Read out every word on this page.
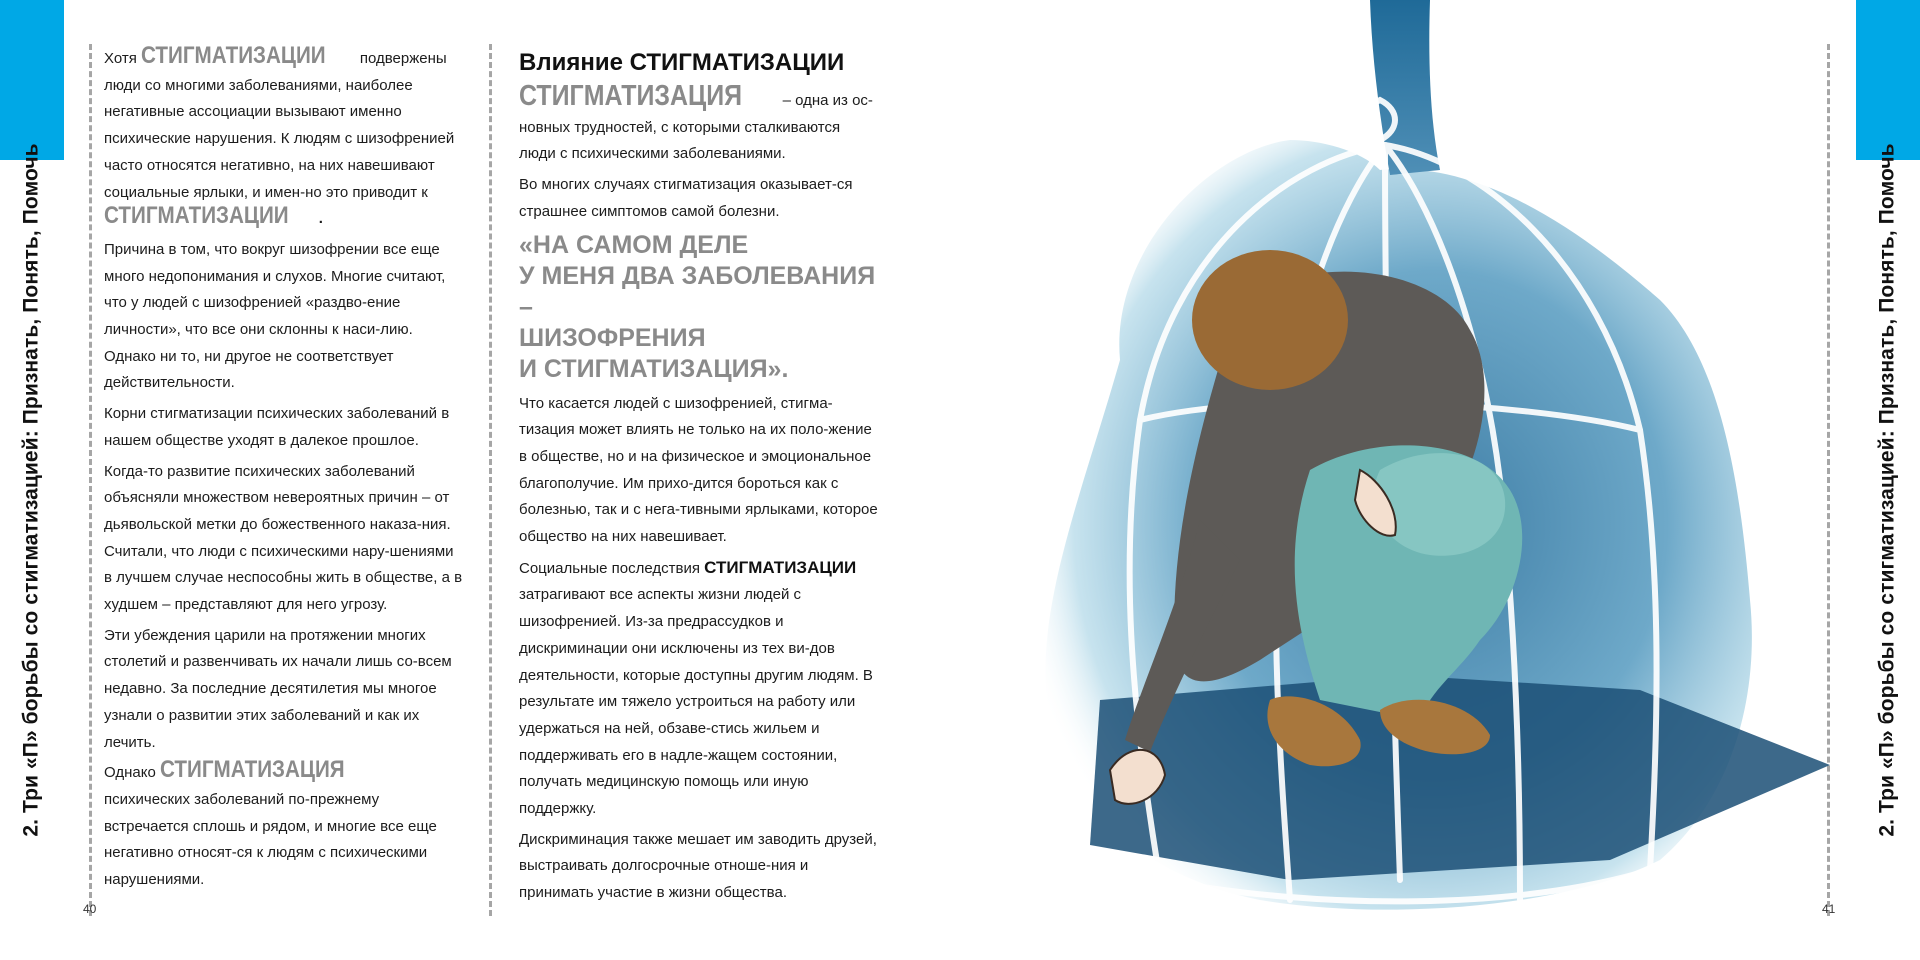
2. Три «П» борьбы со стигматизацией: Признать, Понять, Помочь	2. Три «П» борьбы со стигматизацией: Признать, Понять, Помочь
40	41

Хотя СТИГМАТИЗАЦИИ подвержены люди со многими заболеваниями, наиболее негативные ассоциации вызывают именно психические нарушения. К людям с шизофренией часто относятся негативно, на них навешивают социальные ярлыки, и имен-но это приводит к СТИГМАТИЗАЦИИ .

Причина в том, что вокруг шизофрении все еще много недопонимания и слухов. Многие считают, что у людей с шизофренией «раздво-ение личности», что все они склонны к наси-лию. Однако ни то, ни другое не соответствует действительности.

Корни стигматизации психических заболеваний в нашем обществе уходят в далекое прошлое.

Когда-то развитие психических заболеваний объясняли множеством невероятных причин – от дьявольской метки до божественного наказа-ния. Считали, что люди с психическими нару-шениями в лучшем случае неспособны жить в обществе, а в худшем – представляют для него угрозу.

Эти убеждения царили на протяжении многих столетий и развенчивать их начали лишь со-всем недавно. За последние десятилетия мы многое узнали о развитии этих заболеваний и как их лечить.

Однако СТИГМАТИЗАЦИЯ психических заболеваний по-прежнему встречается сплошь и рядом, и многие все еще негативно относят-ся к людям с психическими нарушениями.

Влияние СТИГМАТИЗАЦИИ

СТИГМАТИЗАЦИЯ – одна из ос-новных трудностей, с которыми сталкиваются люди с психическими заболеваниями.

Во многих случаях стигматизация оказывает-ся страшнее симптомов самой болезни.

«НА САМОМ ДЕЛЕ
У МЕНЯ ДВА ЗАБОЛЕВАНИЯ –
ШИЗОФРЕНИЯ
И СТИГМАТИЗАЦИЯ».

Что касается людей с шизофренией, стигма-тизация может влиять не только на их поло-жение в обществе, но и на физическое и эмоциональное благополучие. Им прихо-дится бороться как с болезнью, так и с нега-тивными ярлыками, которое общество на них навешивает.

Социальные последствия СТИГМАТИЗАЦИИ затрагивают все аспекты жизни людей с шизофренией. Из-за предрассудков и дискриминации они исключены из тех ви-дов деятельности, которые доступны другим людям. В результате им тяжело устроиться на работу или удержаться на ней, обзаве-стись жильем и поддерживать его в надле-жащем состоянии, получать медицинскую помощь или иную поддержку.

Дискриминация также мешает им заводить друзей, выстраивать долгосрочные отноше-ния и принимать участие в жизни общества.
